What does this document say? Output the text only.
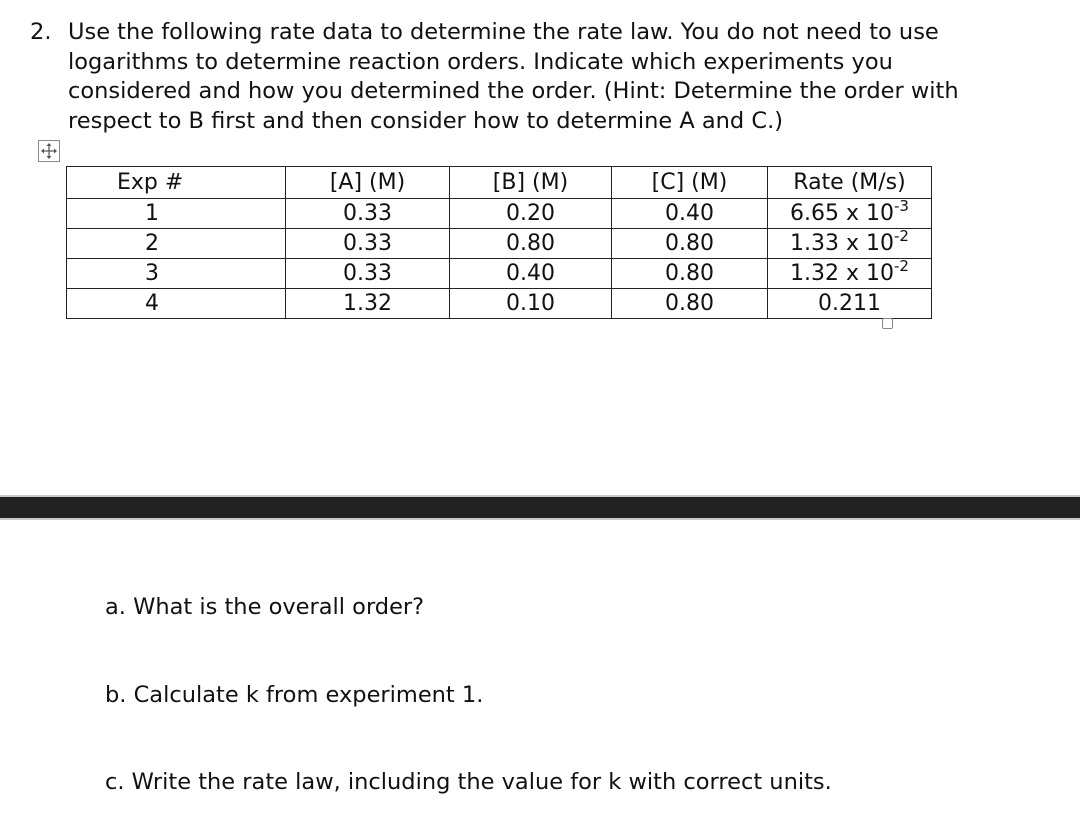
2. Use the following rate data to determine the rate law. You do not need to use
logarithms to determine reaction orders. Indicate which experiments you
considered and how you determined the order. (Hint: Determine the order with
respect to B first and then consider how to determine A and C.)
Exp #	[A] (M)	[B] (M)	[C] (M)	Rate (M/s)
1	0.33	0.20	0.40	6.65 x $10^{-3}$
2	0.33	0.80	0.80	1.33 x $10^{-2}$
3	0.33	0.40	0.80	1.32 x $10^{-2}$
4	1.32	0.10	0.80	0.211
a. What is the overall order?
b. Calculate k from experiment 1.
c. Write the rate law, including the value for k with correct units.
